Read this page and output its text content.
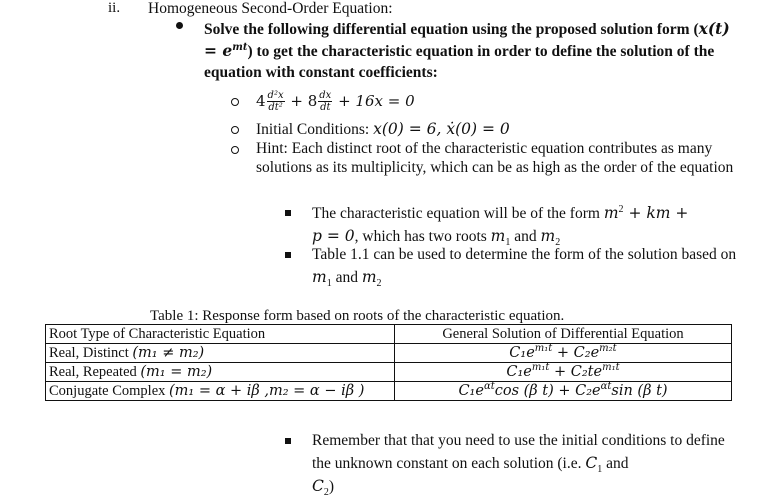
ii. Homogeneous Second-Order Equation:
Solve the following differential equation using the proposed solution form $(x(t) = e^{mt})$ to get the characteristic equation in order to define the solution of the equation with constant coefficients:
$4 \frac{\text{d²x}}{\text{dt²}} + 8 \frac{dx}{dt} + 16x = 0$
Initial Conditions: x(0) = 6, ẋ(0) = 0
Hint: Each distinct root of the characteristic equation contributes as many solutions as its multiplicity, which can be as high as the order of the equation
The characteristic equation will be of the form $m^2$ + km +
p = 0, which has two roots $m_1$ and $m_2$
Table 1.1 can be used to determine the form of the solution based on $m_1$ and $m_2$
Table 1: Response form based on roots of the characteristic equation.
Root Type of Characteristic Equation	General Solution of Differential Equation
Real, Distinct (m₁ ≠ m₂)	$C_1e^{m_1t} + C_2e^{m_2t}$
Real, Repeated (m₁ = m₂)	$C_1e^{m_1t} + C_2te^{m_1t}$
Conjugate Complex (m₁ = α + iβ ,m₂ = α − iβ )	$C_1e^{\alpha t}\cos$ (β $t) + C_2e^{\alpha t}\sin$ (β t)
Remember that that you need to use the initial conditions to define the unknown constant on each solution (i.e. $C_1$ and
$C_2$)
